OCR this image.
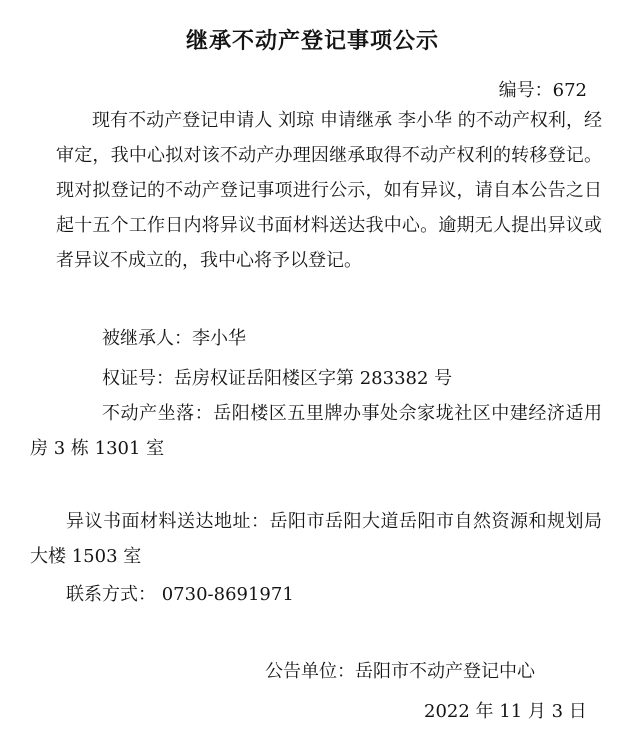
继承不动产登记事项公示
编号：672
现有不动产登记申请人 刘琼 申请继承 李小华 的不动产权利，经审定，我中心拟对该不动产办理因继承取得不动产权利的转移登记。现对拟登记的不动产登记事项进行公示，如有异议，请自本公告之日起十五个工作日内将异议书面材料送达我中心。逾期无人提出异议或者异议不成立的，我中心将予以登记。
被继承人：李小华
权证号：岳房权证岳阳楼区字第 283382 号
不动产坐落：岳阳楼区五里牌办事处佘家垅社区中建经济适用房 3 栋 1301 室
异议书面材料送达地址：岳阳市岳阳大道岳阳市自然资源和规划局大楼 1503 室
联系方式： 0730-8691971
公告单位：岳阳市不动产登记中心
2022 年 11 月 3 日
